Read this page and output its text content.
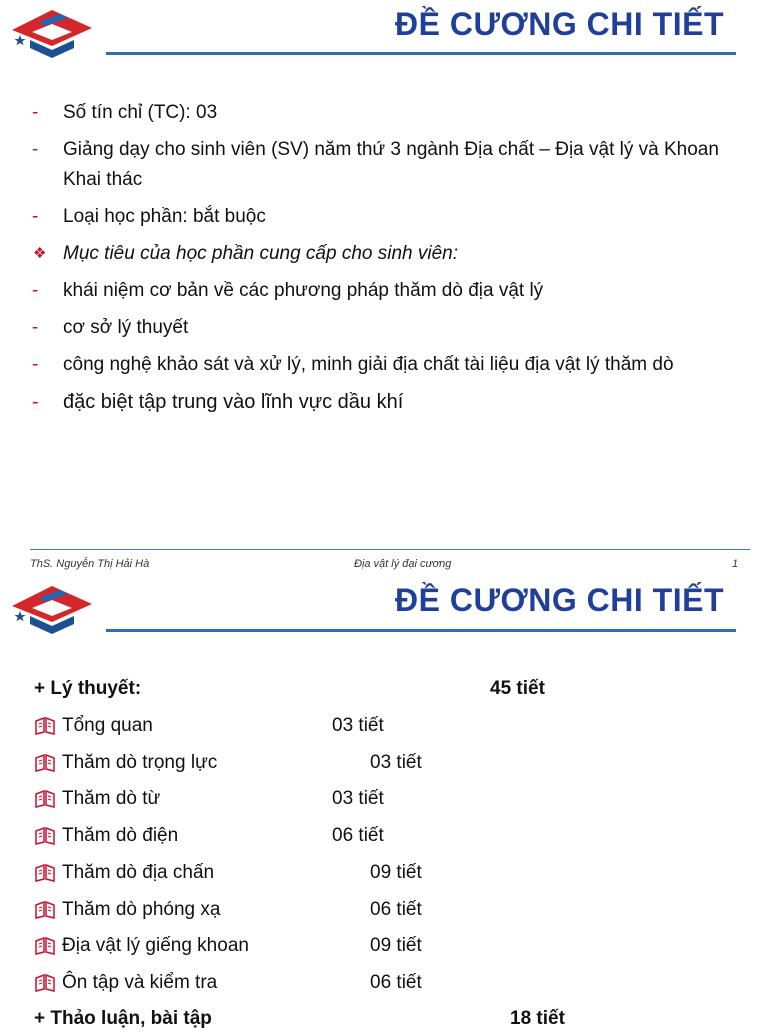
ĐỀ CƯƠNG CHI TIẾT
- Số tín chỉ (TC): 03
- Giảng dạy cho sinh viên (SV) năm thứ 3 ngành Địa chất – Địa vật lý và Khoan Khai thác
- Loại học phần: bắt buộc
❖ Mục tiêu của học phần cung cấp cho sinh viên:
- khái niệm cơ bản về các phương pháp thăm dò địa vật lý
- cơ sở lý thuyết
- công nghệ khảo sát và xử lý, minh giải địa chất tài liệu địa vật lý thăm dò
- đặc biệt tập trung vào lĩnh vực dầu khí
ThS. Nguyễn Thị Hải Hà	Địa vật lý đại cương	1
ĐỀ CƯƠNG CHI TIẾT
+ Lý thuyết:	45 tiết
Tổng quan	03 tiết
Thăm dò trọng lực	03 tiết
Thăm dò từ	03 tiết
Thăm dò điện	06 tiết
Thăm dò địa chấn	09 tiết
Thăm dò phóng xạ	06 tiết
Địa vật lý giếng khoan	09 tiết
Ôn tập và kiểm tra	06 tiết
+ Thảo luận, bài tập	18 tiết
